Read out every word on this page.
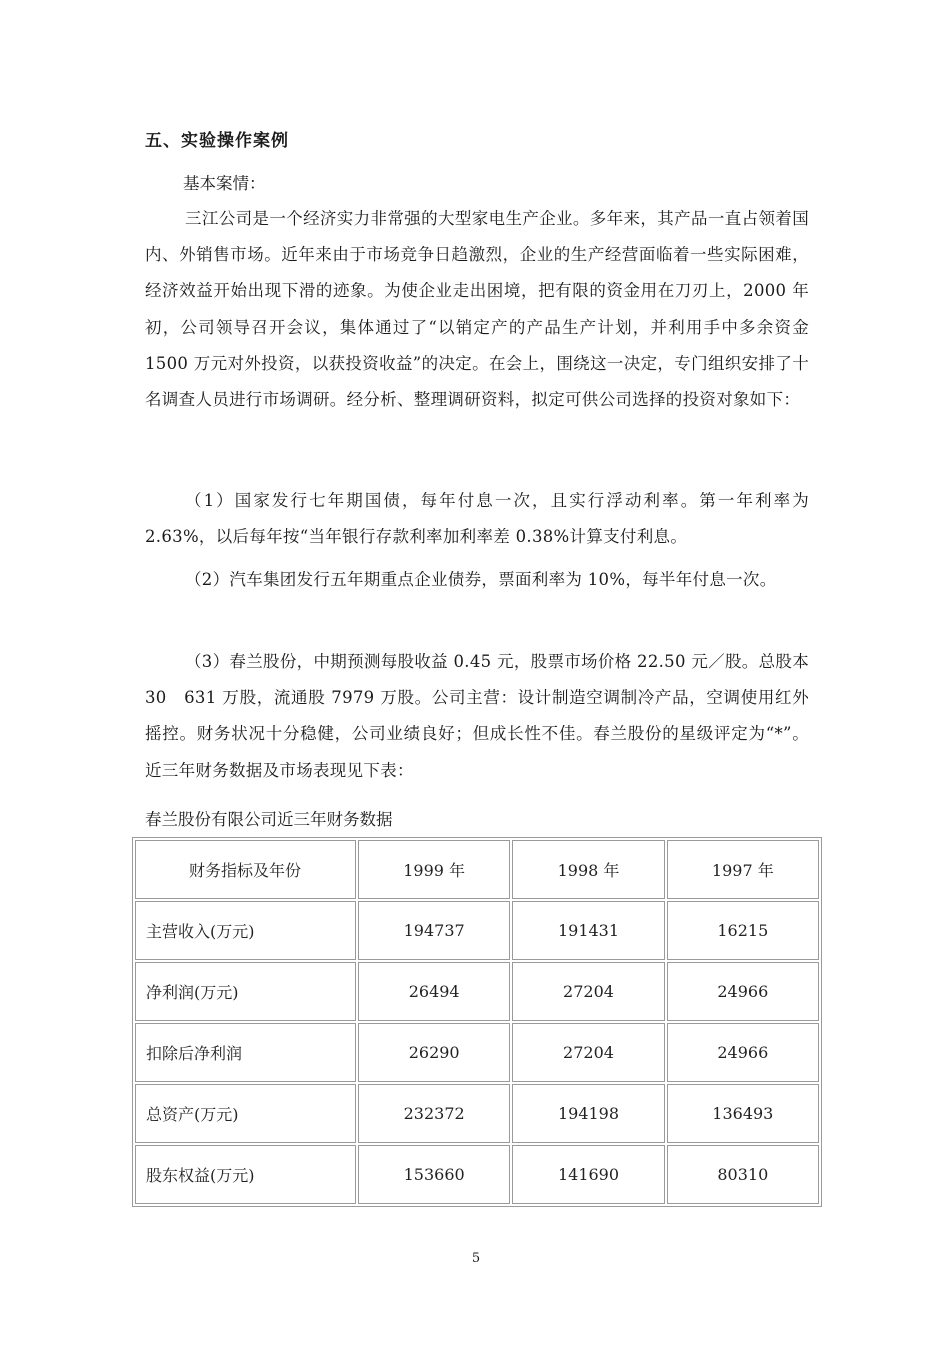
五、实验操作案例
基本案情：
三江公司是一个经济实力非常强的大型家电生产企业。多年来，其产品一直占领着国内、外销售市场。近年来由于市场竞争日趋激烈，企业的生产经营面临着一些实际困难，经济效益开始出现下滑的迹象。为使企业走出困境，把有限的资金用在刀刃上，2000 年初，公司领导召开会议，集体通过了“以销定产的产品生产计划，并利用手中多余资金 1500 万元对外投资，以获投资收益”的决定。在会上，围绕这一决定，专门组织安排了十名调查人员进行市场调研。经分析、整理调研资料，拟定可供公司选择的投资对象如下：
（1）国家发行七年期国债，每年付息一次，且实行浮动利率。第一年利率为 2.63%，以后每年按“当年银行存款利率加利率差 0.38%计算支付利息。
（2）汽车集团发行五年期重点企业债券，票面利率为 10%，每半年付息一次。
（3）春兰股份，中期预测每股收益 0.45 元，股票市场价格 22.50 元／股。总股本 30　631 万股，流通股 7979 万股。公司主营：设计制造空调制冷产品，空调使用红外摇控。财务状况十分稳健，公司业绩良好；但成长性不佳。春兰股份的星级评定为“*”。近三年财务数据及市场表现见下表：
春兰股份有限公司近三年财务数据
财务指标及年份	1999 年	1998 年	1997 年
主营收入(万元)	194737	191431	16215
净利润(万元)	26494	27204	24966
扣除后净利润	26290	27204	24966
总资产(万元)	232372	194198	136493
股东权益(万元)	153660	141690	80310
5
